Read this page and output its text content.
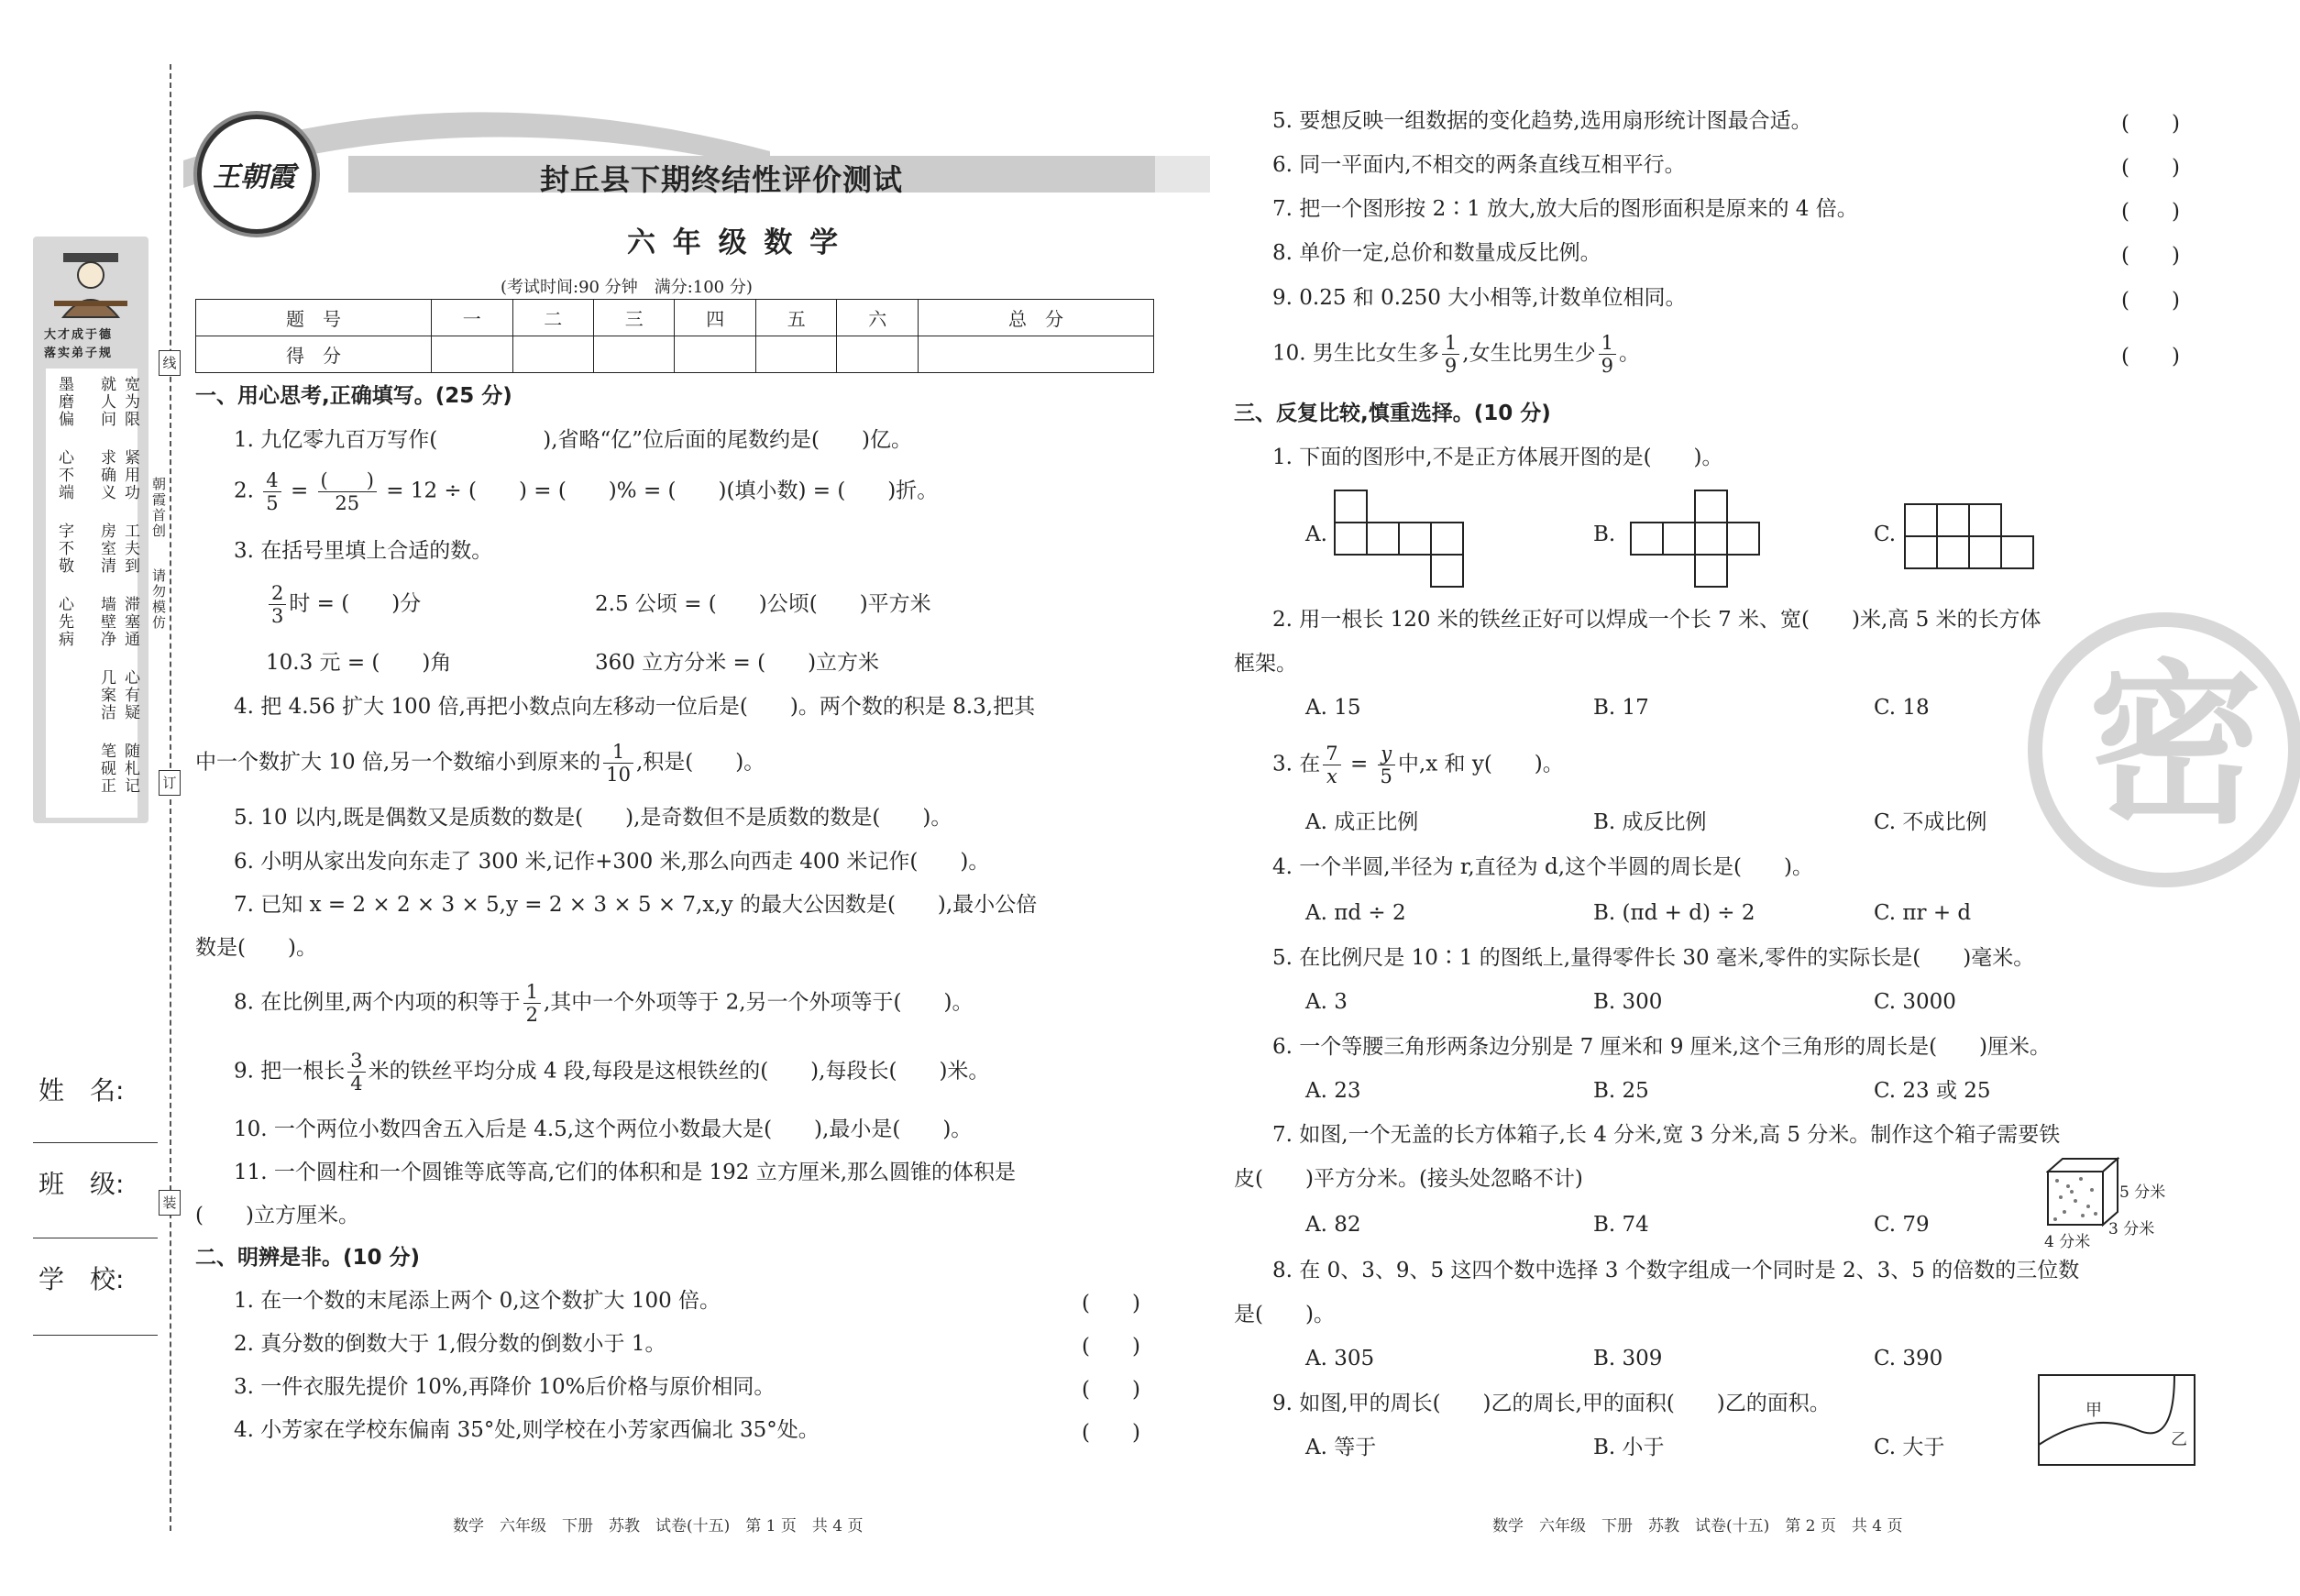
大才成于德
落实弟子规
宽为限
紧用功
工夫到
滞塞通
心有疑
随札记
就人问
求确义
房室清
墙壁净
几案洁
笔砚正
墨磨偏
心不端
字不敬
心先病
朝霞首创
请勿模仿
线
订
装
姓　名:
班　级:
学　校:
王朝霞	封丘县下期终结性评价测试
六 年 级 数 学
(考试时间:90 分钟　满分:100 分)
题　号	一	二	三	四	五	六	总　分
得　分							
一、用心思考,正确填写。(25 分)
1. 九亿零九百万写作(　　　　　),省略“亿”位后面的尾数约是(　　)亿。
2. $\frac{4}{5} = \frac{( )}{25} = 12$ ÷ (　　) = (　　)% = (　　)(填小数) = (　　)折。
3. 在括号里填上合适的数。
$\frac{2}{3}$ 时 = (　　)分	2.5 公顷 = (　　)公顷(　　)平方米
10.3 元 = (　　)角	360 立方分米 = (　　)立方米
4. 把 4.56 扩大 100 倍,再把小数点向左移动一位后是(　　)。两个数的积是 8.3,把其
中一个数扩大 10 倍,另一个数缩小到原来的 $\frac{1}{10}$ ,积是(　　)。
5. 10 以内,既是偶数又是质数的数是(　　),是奇数但不是质数的数是(　　)。
6. 小明从家出发向东走了 300 米,记作+300 米,那么向西走 400 米记作(　　)。
7. 已知 x = 2 × 2 × 3 × 5,y = 2 × 3 × 5 × 7,x,y 的最大公因数是(　　),最小公倍
数是(　　)。
8. 在比例里,两个内项的积等于 $\frac{1}{2}$ ,其中一个外项等于 2,另一个外项等于(　　)。
9. 把一根长 $\frac{3}{4}$ 米的铁丝平均分成 4 段,每段是这根铁丝的(　　),每段长(　　)米。
10. 一个两位小数四舍五入后是 4.5,这个两位小数最大是(　　),最小是(　　)。
11. 一个圆柱和一个圆锥等底等高,它们的体积和是 192 立方厘米,那么圆锥的体积是
(　　)立方厘米。
二、明辨是非。(10 分)
1. 在一个数的末尾添上两个 0,这个数扩大 100 倍。	(　　)
2. 真分数的倒数大于 1,假分数的倒数小于 1。	(　　)
3. 一件衣服先提价 10%,再降价 10%后价格与原价相同。	(　　)
4. 小芳家在学校东偏南 35°处,则学校在小芳家西偏北 35°处。	(　　)
数学　六年级　下册　苏教　试卷(十五)　第 1 页　共 4 页
5. 要想反映一组数据的变化趋势,选用扇形统计图最合适。	(　　)
6. 同一平面内,不相交的两条直线互相平行。	(　　)
7. 把一个图形按 2∶1 放大,放大后的图形面积是原来的 4 倍。	(　　)
8. 单价一定,总价和数量成反比例。	(　　)
9. 0.25 和 0.250 大小相等,计数单位相同。	(　　)
10. 男生比女生多 $\frac{1}{9}$ ,女生比男生少 $\frac{1}{9}$ 。	(　　)
三、反复比较,慎重选择。(10 分)
1. 下面的图形中,不是正方体展开图的是(　　)。
A.	B.	C.
2. 用一根长 120 米的铁丝正好可以焊成一个长 7 米、宽(　　)米,高 5 米的长方体
框架。
A. 15	B. 17	C. 18
3. 在 $\frac{7}{x} = \frac{y}{5}$ 中,x 和 y(　　)。
A. 成正比例	B. 成反比例	C. 不成比例
4. 一个半圆,半径为 r,直径为 d,这个半圆的周长是(　　)。
A. πd ÷ 2	B. (πd + d) ÷ 2	C. πr + d
5. 在比例尺是 10∶1 的图纸上,量得零件长 30 毫米,零件的实际长是(　　)毫米。
A. 3	B. 300	C. 3000
6. 一个等腰三角形两条边分别是 7 厘米和 9 厘米,这个三角形的周长是(　　)厘米。
A. 23	B. 25	C. 23 或 25
7. 如图,一个无盖的长方体箱子,长 4 分米,宽 3 分米,高 5 分米。制作这个箱子需要铁
皮(　　)平方分米。(接头处忽略不计)
A. 82	B. 74	C. 79
5 分米
3 分米
4 分米
8. 在 0、3、9、5 这四个数中选择 3 个数字组成一个同时是 2、3、5 的倍数的三位数
是(　　)。
A. 305	B. 309	C. 390
9. 如图,甲的周长(　　)乙的周长,甲的面积(　　)乙的面积。
A. 等于	B. 小于	C. 大于
甲
乙
密
数学　六年级　下册　苏教　试卷(十五)　第 2 页　共 4 页
